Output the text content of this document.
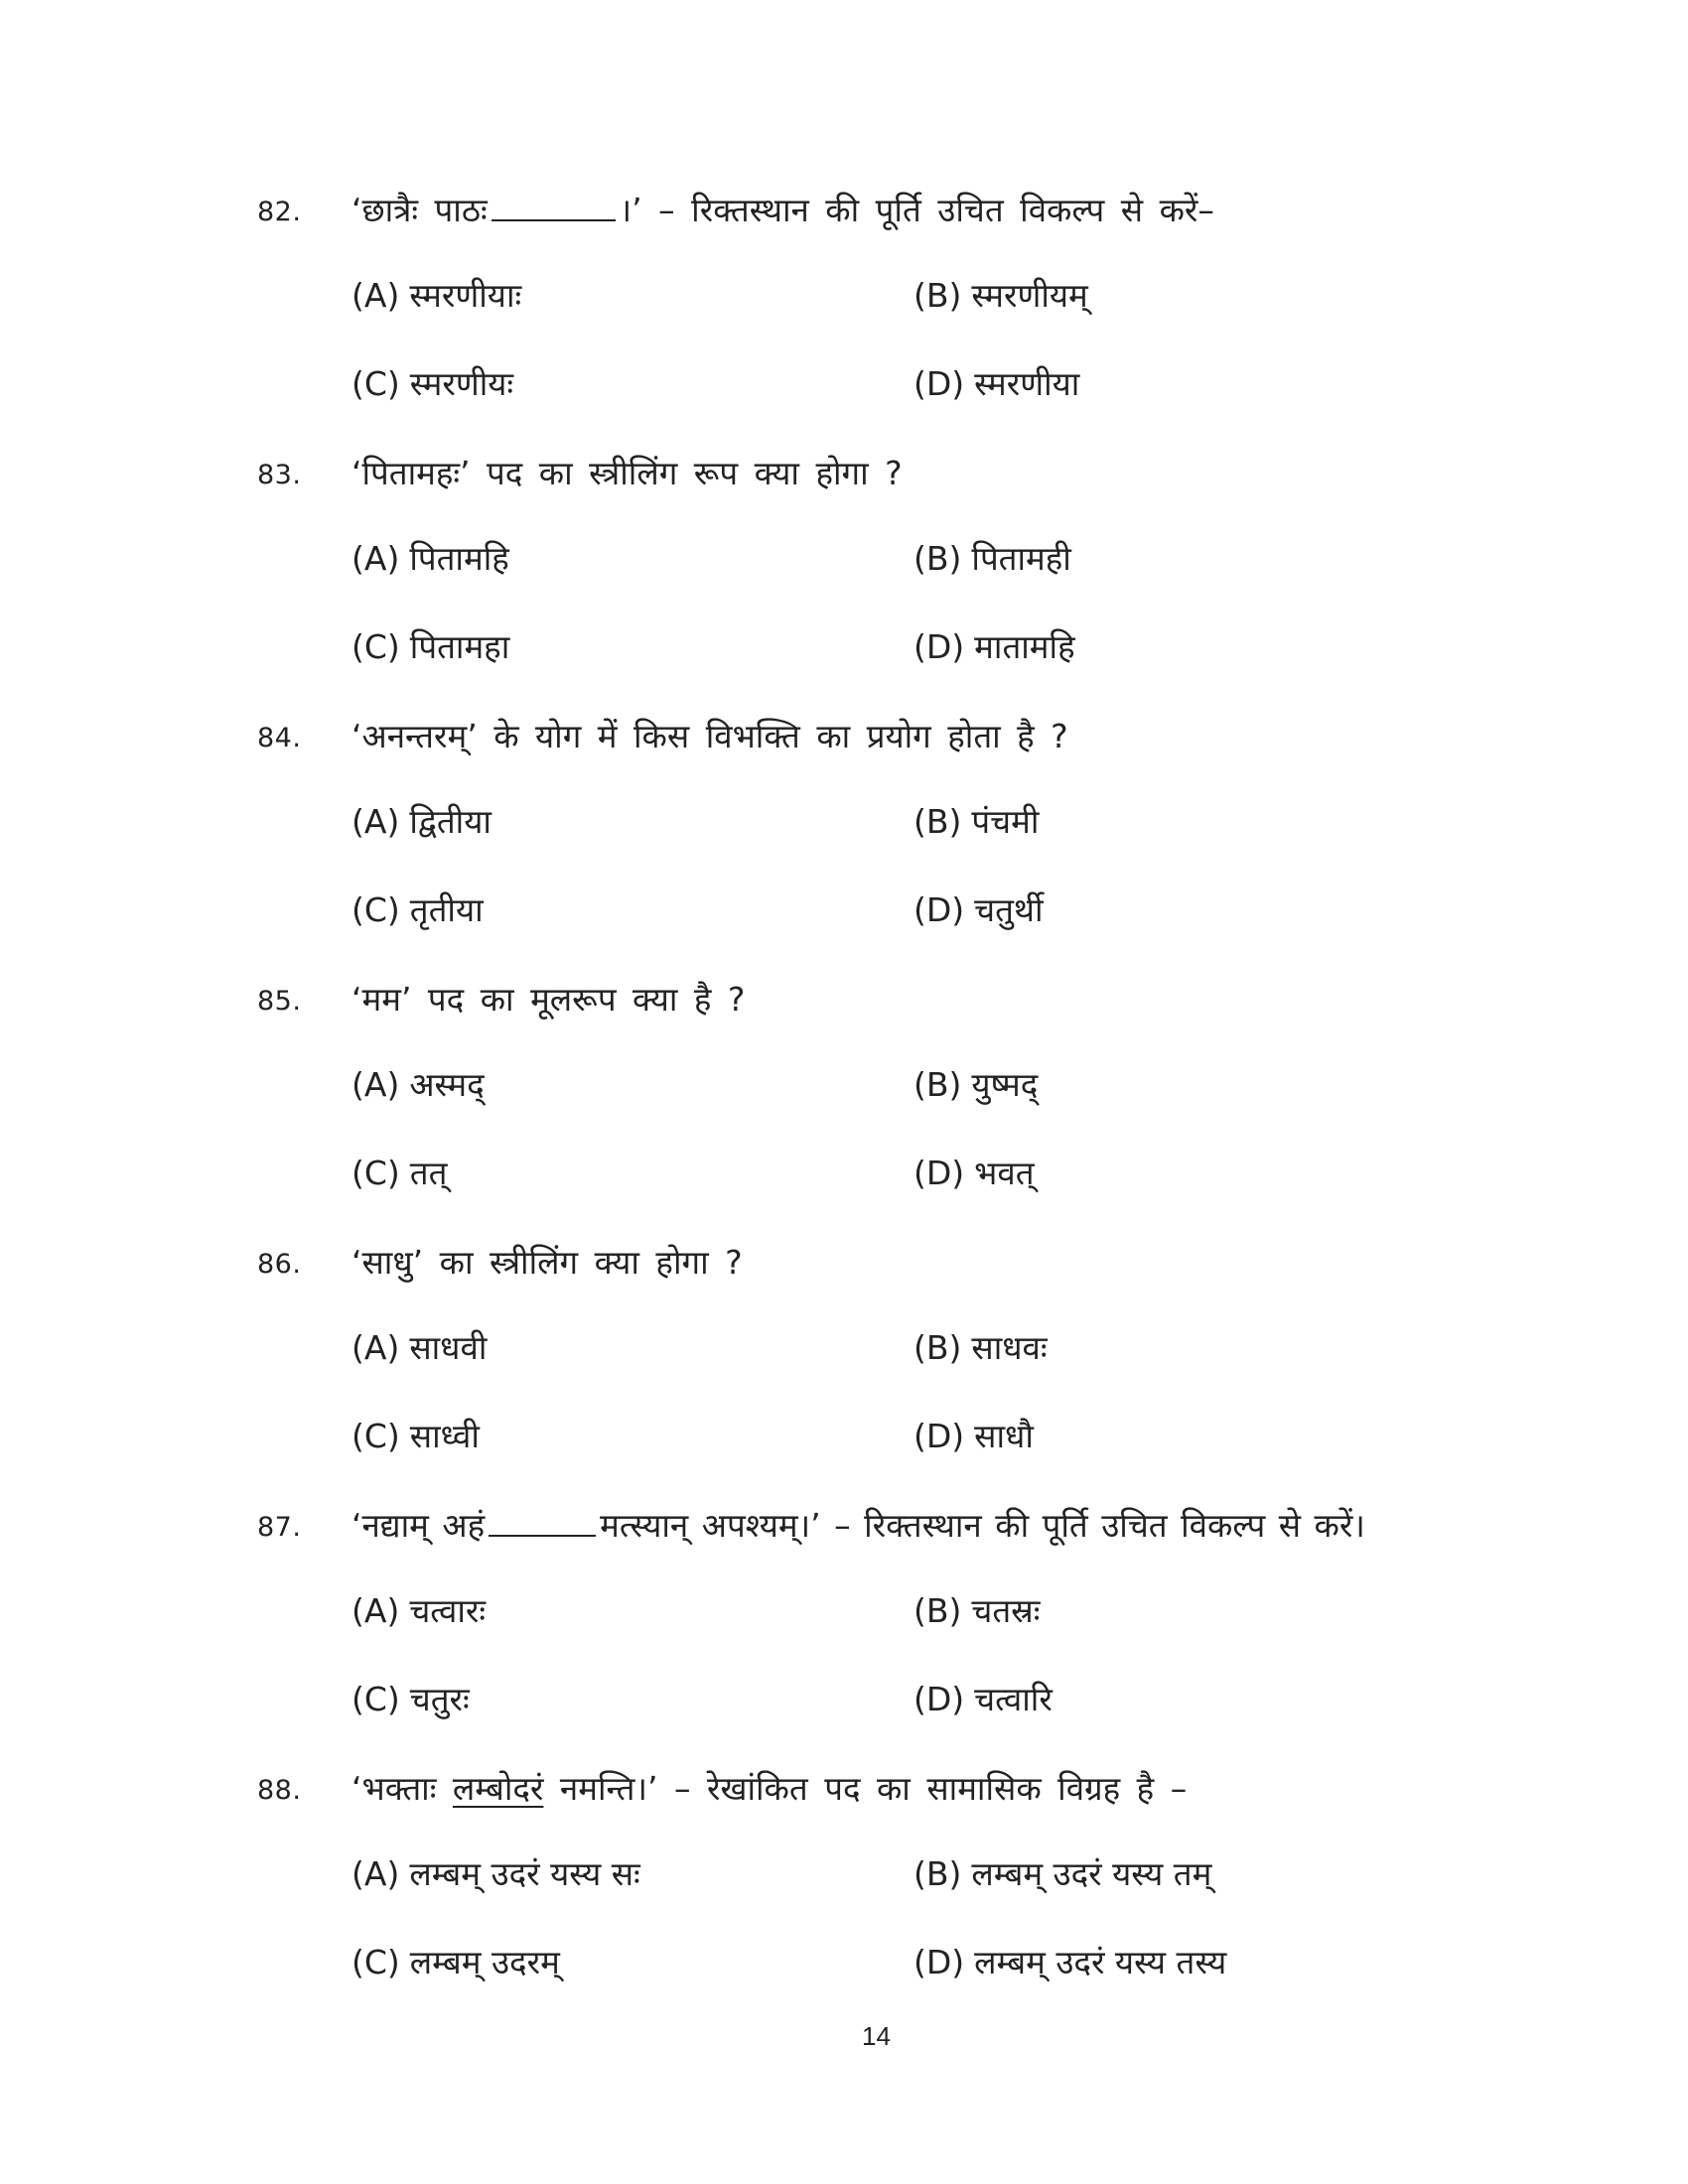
82. ‘छात्रैः पाठः	।’ – रिक्तस्थान की पूर्ति उचित विकल्प से करें–
(A) स्मरणीयाः	(B) स्मरणीयम्
(C) स्मरणीयः	(D) स्मरणीया
83. ‘पितामहः’ पद का स्त्रीलिंग रूप क्या होगा ?
(A) पितामहि	(B) पितामही
(C) पितामहा	(D) मातामहि
84. ‘अनन्तरम्’ के योग में किस विभक्ति का प्रयोग होता है ?
(A) द्वितीया	(B) पंचमी
(C) तृतीया	(D) चतुर्थी
85. ‘मम’ पद का मूलरूप क्या है ?
(A) अस्मद्	(B) युष्मद्
(C) तत्	(D) भवत्
86. ‘साधु’ का स्त्रीलिंग क्या होगा ?
(A) साधवी	(B) साधवः
(C) साध्वी	(D) साधौ
87. ‘नद्याम् अहं	मत्स्यान् अपश्यम्।’ – रिक्तस्थान की पूर्ति उचित विकल्प से करें।
(A) चत्वारः	(B) चतस्रः
(C) चतुरः	(D) चत्वारि
88. ‘भक्ताः लम्बोदरं नमन्ति।’ – रेखांकित पद का सामासिक विग्रह है –
(A) लम्बम् उदरं यस्य सः	(B) लम्बम् उदरं यस्य तम्
(C) लम्बम् उदरम्	(D) लम्बम् उदरं यस्य तस्य
14
